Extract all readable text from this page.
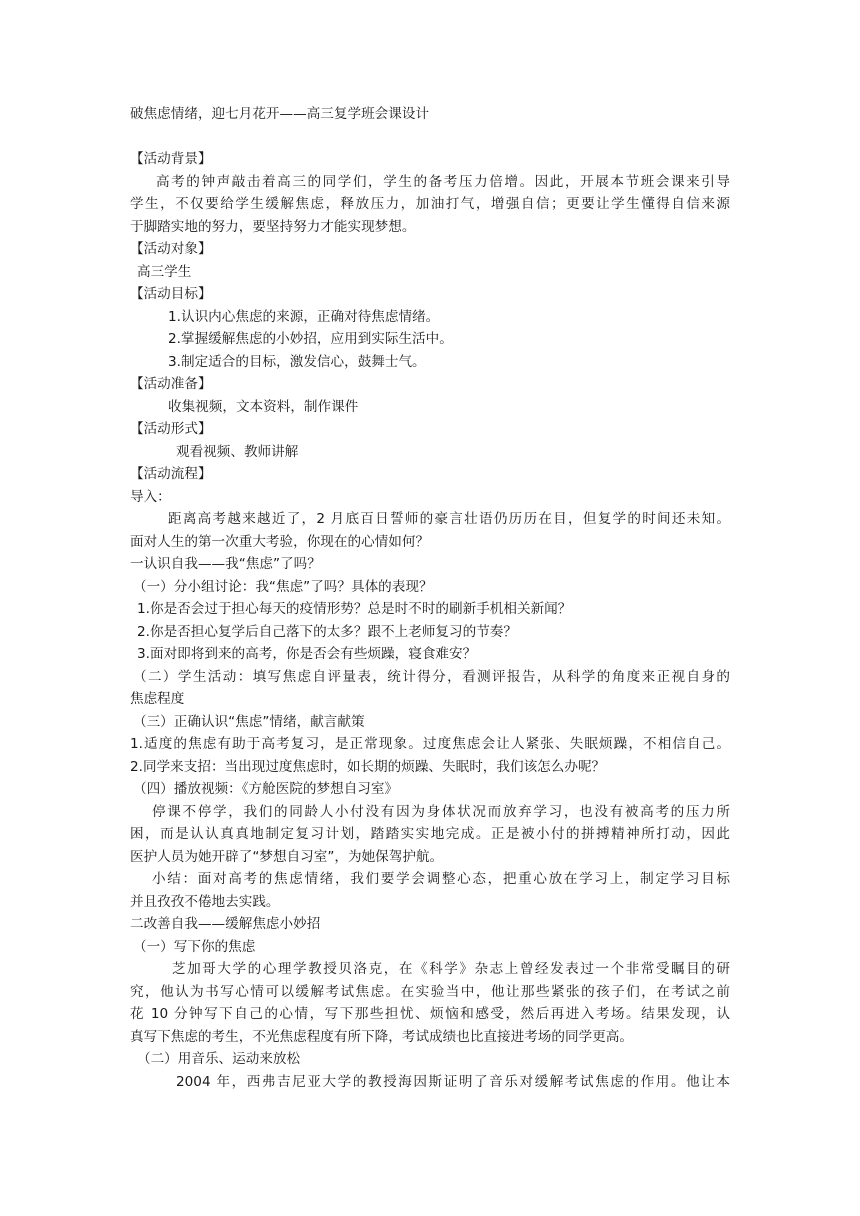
破焦虑情绪，迎七月花开——高三复学班会课设计
【活动背景】
高考的钟声敲击着高三的同学们，学生的备考压力倍增。因此，开展本节班会课来引导
学生，不仅要给学生缓解焦虑，释放压力，加油打气，增强自信；更要让学生懂得自信来源
于脚踏实地的努力，要坚持努力才能实现梦想。
【活动对象】
高三学生
【活动目标】
1.认识内心焦虑的来源，正确对待焦虑情绪。
2.掌握缓解焦虑的小妙招，应用到实际生活中。
3.制定适合的目标，激发信心，鼓舞士气。
【活动准备】
收集视频，文本资料，制作课件
【活动形式】
观看视频、教师讲解
【活动流程】
导入：
距离高考越来越近了，2 月底百日誓师的豪言壮语仍历历在目，但复学的时间还未知。
面对人生的第一次重大考验，你现在的心情如何？
一认识自我——我“焦虑”了吗？
（一）分小组讨论：我“焦虑”了吗？具体的表现？
1.你是否会过于担心每天的疫情形势？总是时不时的刷新手机相关新闻？
2.你是否担心复学后自己落下的太多？跟不上老师复习的节奏？
3.面对即将到来的高考，你是否会有些烦躁，寝食难安？
（二）学生活动：填写焦虑自评量表，统计得分，看测评报告，从科学的角度来正视自身的
焦虑程度
（三）正确认识“焦虑”情绪，献言献策
1.适度的焦虑有助于高考复习，是正常现象。过度焦虑会让人紧张、失眠烦躁，不相信自己。
2.同学来支招：当出现过度焦虑时，如长期的烦躁、失眠时，我们该怎么办呢？
（四）播放视频：《方舱医院的梦想自习室》
停课不停学，我们的同龄人小付没有因为身体状况而放弃学习，也没有被高考的压力所
困，而是认认真真地制定复习计划，踏踏实实地完成。正是被小付的拼搏精神所打动，因此
医护人员为她开辟了“梦想自习室”，为她保驾护航。
小结：面对高考的焦虑情绪，我们要学会调整心态，把重心放在学习上，制定学习目标
并且孜孜不倦地去实践。
二改善自我——缓解焦虑小妙招
（一）写下你的焦虑
芝加哥大学的心理学教授贝洛克，在《科学》杂志上曾经发表过一个非常受瞩目的研
究，他认为书写心情可以缓解考试焦虑。在实验当中，他让那些紧张的孩子们，在考试之前
花 10 分钟写下自己的心情，写下那些担忧、烦恼和感受，然后再进入考场。结果发现，认
真写下焦虑的考生，不光焦虑程度有所下降，考试成绩也比直接进考场的同学更高。
（二）用音乐、运动来放松
2004 年，西弗吉尼亚大学的教授海因斯证明了音乐对缓解考试焦虑的作用。他让本
